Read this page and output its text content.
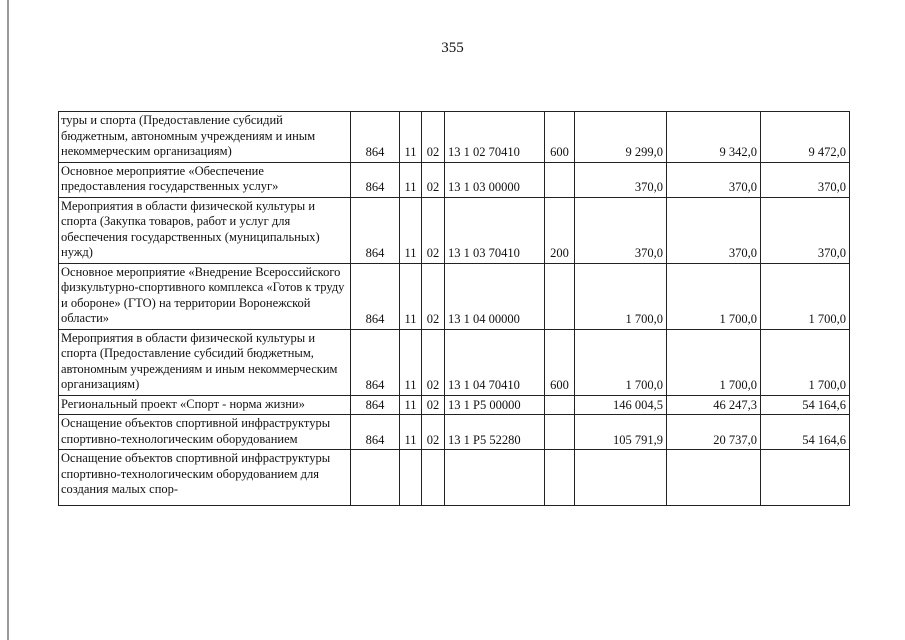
355
туры и спорта (Предоставление субсидий бюджетным, автономным учреждениям и иным некоммерческим организациям)	864	11	02	13 1 02 70410	600	9 299,0	9 342,0	9 472,0
Основное мероприятие «Обеспечение предоставления государственных услуг»	864	11	02	13 1 03 00000		370,0	370,0	370,0
Мероприятия в области физической культуры и спорта (Закупка товаров, работ и услуг для обеспечения государственных (муниципальных) нужд)	864	11	02	13 1 03 70410	200	370,0	370,0	370,0
Основное мероприятие «Внедрение Всероссийского физкультурно-спортивного комплекса «Готов к труду и обороне» (ГТО) на территории Воронежской области»	864	11	02	13 1 04 00000		1 700,0	1 700,0	1 700,0
Мероприятия в области физической культуры и спорта (Предоставление субсидий бюджетным, автономным учреждениям и иным некоммерческим организациям)	864	11	02	13 1 04 70410	600	1 700,0	1 700,0	1 700,0
Региональный проект «Спорт - норма жизни»	864	11	02	13 1 P5 00000		146 004,5	46 247,3	54 164,6
Оснащение объектов спортивной инфраструктуры спортивно-технологическим оборудованием	864	11	02	13 1 P5 52280		105 791,9	20 737,0	54 164,6
Оснащение объектов спортивной инфраструктуры спортивно-технологическим оборудованием для создания малых спор-								
